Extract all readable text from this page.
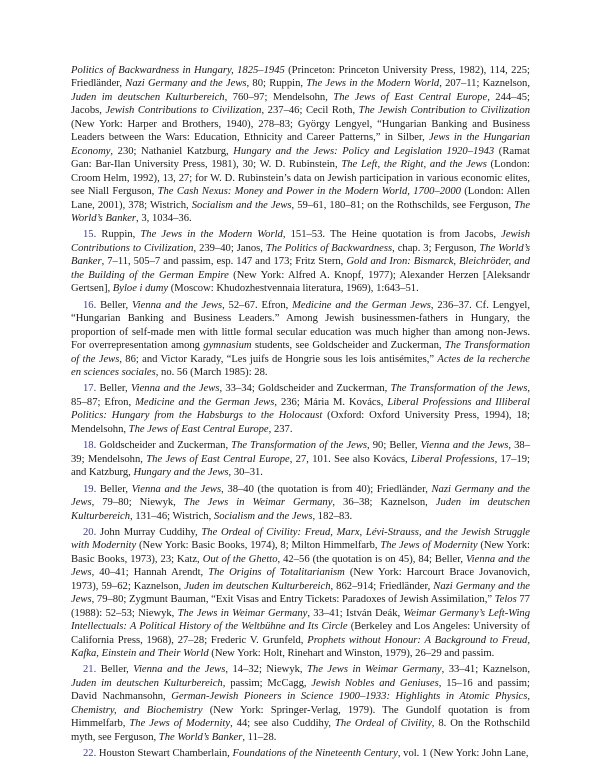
Politics of Backwardness in Hungary, 1825–1945 (Princeton: Princeton University Press, 1982), 114, 225; Friedländer, Nazi Germany and the Jews, 80; Ruppin, The Jews in the Modern World, 207–11; Kaznelson, Juden im deutschen Kulturbereich, 760–97; Mendelsohn, The Jews of East Central Europe, 244–45; Jacobs, Jewish Contributions to Civilization, 237–46; Cecil Roth, The Jewish Contribution to Civilization (New York: Harper and Brothers, 1940), 278–83; György Lengyel, “Hungarian Banking and Business Leaders between the Wars: Education, Ethnicity and Career Patterns,” in Silber, Jews in the Hungarian Economy, 230; Nathaniel Katzburg, Hungary and the Jews: Policy and Legislation 1920–1943 (Ramat Gan: Bar-Ilan University Press, 1981), 30; W. D. Rubinstein, The Left, the Right, and the Jews (London: Croom Helm, 1992), 13, 27; for W. D. Rubinstein’s data on Jewish participation in various economic elites, see Niall Ferguson, The Cash Nexus: Money and Power in the Modern World, 1700–2000 (London: Allen Lane, 2001), 378; Wistrich, Socialism and the Jews, 59–61, 180–81; on the Rothschilds, see Ferguson, The World’s Banker, 3, 1034–36.

15. Ruppin, The Jews in the Modern World, 151–53. The Heine quotation is from Jacobs, Jewish Contributions to Civilization, 239–40; Janos, The Politics of Backwardness, chap. 3; Ferguson, The World’s Banker, 7–11, 505–7 and passim, esp. 147 and 173; Fritz Stern, Gold and Iron: Bismarck, Bleichröder, and the Building of the German Empire (New York: Alfred A. Knopf, 1977); Alexander Herzen [Aleksandr Gertsen], Byloe i dumy (Moscow: Khudozhestvennaia literatura, 1969), 1:643–51.

16. Beller, Vienna and the Jews, 52–67. Efron, Medicine and the German Jews, 236–37. Cf. Lengyel, “Hungarian Banking and Business Leaders.” Among Jewish businessmen-fathers in Hungary, the proportion of self-made men with little formal secular education was much higher than among non-Jews. For overrepresentation among gymnasium students, see Goldscheider and Zuckerman, The Transformation of the Jews, 86; and Victor Karady, “Les juifs de Hongrie sous les lois antisémites,” Actes de la recherche en sciences sociales, no. 56 (March 1985): 28.

17. Beller, Vienna and the Jews, 33–34; Goldscheider and Zuckerman, The Transformation of the Jews, 85–87; Efron, Medicine and the German Jews, 236; Mária M. Kovács, Liberal Professions and Illiberal Politics: Hungary from the Habsburgs to the Holocaust (Oxford: Oxford University Press, 1994), 18; Mendelsohn, The Jews of East Central Europe, 237.

18. Goldscheider and Zuckerman, The Transformation of the Jews, 90; Beller, Vienna and the Jews, 38–39; Mendelsohn, The Jews of East Central Europe, 27, 101. See also Kovács, Liberal Professions, 17–19; and Katzburg, Hungary and the Jews, 30–31.

19. Beller, Vienna and the Jews, 38–40 (the quotation is from 40); Friedländer, Nazi Germany and the Jews, 79–80; Niewyk, The Jews in Weimar Germany, 36–38; Kaznelson, Juden im deutschen Kulturbereich, 131–46; Wistrich, Socialism and the Jews, 182–83.

20. John Murray Cuddihy, The Ordeal of Civility: Freud, Marx, Lévi-Strauss, and the Jewish Struggle with Modernity (New York: Basic Books, 1974), 8; Milton Himmelfarb, The Jews of Modernity (New York: Basic Books, 1973), 23; Katz, Out of the Ghetto, 42–56 (the quotation is on 45), 84; Beller, Vienna and the Jews, 40–41; Hannah Arendt, The Origins of Totalitarianism (New York: Harcourt Brace Jovanovich, 1973), 59–62; Kaznelson, Juden im deutschen Kulturbereich, 862–914; Friedländer, Nazi Germany and the Jews, 79–80; Zygmunt Bauman, “Exit Visas and Entry Tickets: Paradoxes of Jewish Assimilation,” Telos 77 (1988): 52–53; Niewyk, The Jews in Weimar Germany, 33–41; István Deák, Weimar Germany’s Left-Wing Intellectuals: A Political History of the Weltbühne and Its Circle (Berkeley and Los Angeles: University of California Press, 1968), 27–28; Frederic V. Grunfeld, Prophets without Honour: A Background to Freud, Kafka, Einstein and Their World (New York: Holt, Rinehart and Winston, 1979), 26–29 and passim.

21. Beller, Vienna and the Jews, 14–32; Niewyk, The Jews in Weimar Germany, 33–41; Kaznelson, Juden im deutschen Kulturbereich, passim; McCagg, Jewish Nobles and Geniuses, 15–16 and passim; David Nachmansohn, German-Jewish Pioneers in Science 1900–1933: Highlights in Atomic Physics, Chemistry, and Biochemistry (New York: Springer-Verlag, 1979). The Gundolf quotation is from Himmelfarb, The Jews of Modernity, 44; see also Cuddihy, The Ordeal of Civility, 8. On the Rothschild myth, see Ferguson, The World’s Banker, 11–28.

22. Houston Stewart Chamberlain, Foundations of the Nineteenth Century, vol. 1 (New York: John Lane,
